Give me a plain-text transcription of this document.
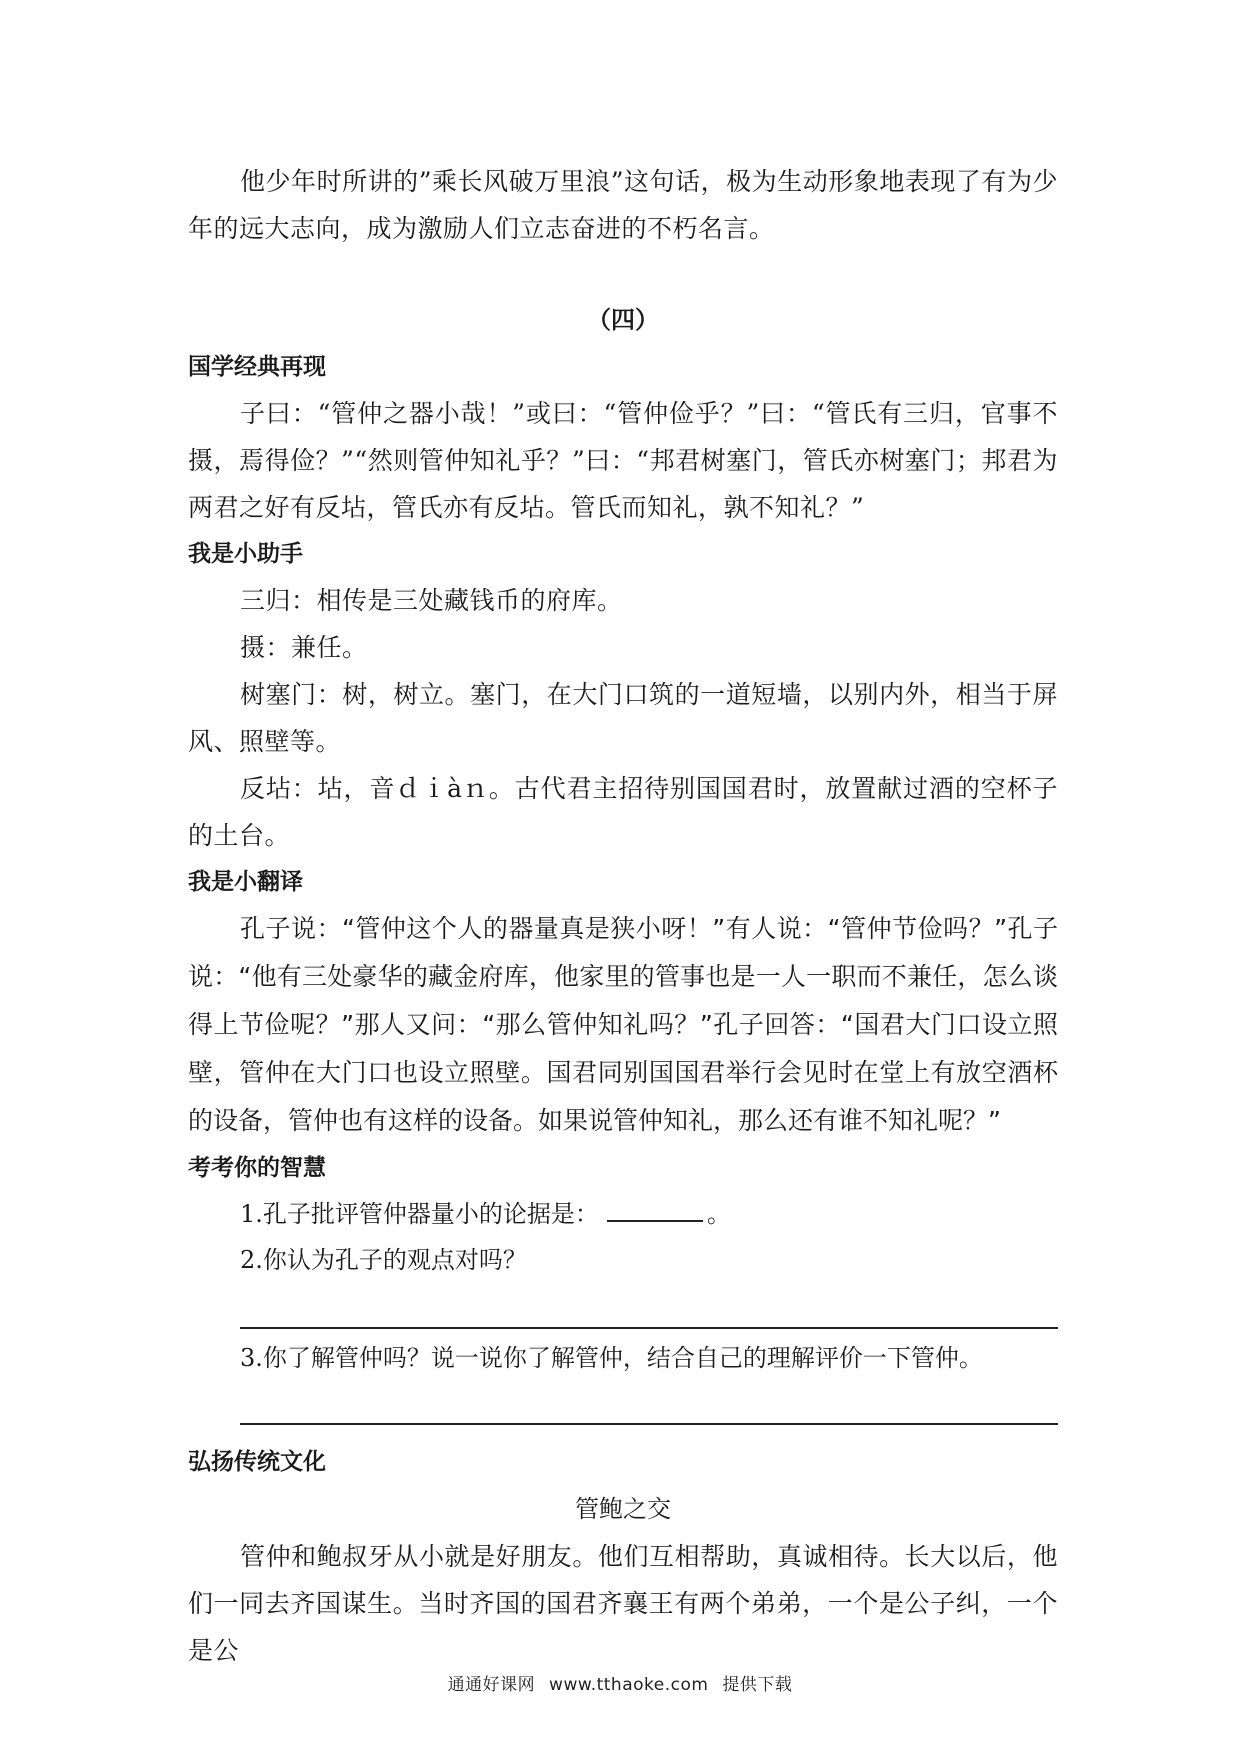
他少年时所讲的”乘长风破万里浪”这句话，极为生动形象地表现了有为少年的远大志向，成为激励人们立志奋进的不朽名言。

（四）
国学经典再现

子曰：“管仲之器小哉！”或曰：“管仲俭乎？”曰：“管氏有三归，官事不摄，焉得俭？”“然则管仲知礼乎？”曰：“邦君树塞门，管氏亦树塞门；邦君为两君之好有反坫，管氏亦有反坫。管氏而知礼，孰不知礼？”

我是小助手

三归：相传是三处藏钱币的府库。

摄：兼任。

树塞门：树，树立。塞门，在大门口筑的一道短墙，以别内外，相当于屏风、照壁等。

反坫：坫，音ｄｉàｎ。古代君主招待别国国君时，放置献过酒的空杯子的土台。

我是小翻译

孔子说：“管仲这个人的器量真是狭小呀！”有人说：“管仲节俭吗？”孔子说：“他有三处豪华的藏金府库，他家里的管事也是一人一职而不兼任，怎么谈得上节俭呢？”那人又问：“那么管仲知礼吗？”孔子回答：“国君大门口设立照壁，管仲在大门口也设立照壁。国君同别国国君举行会见时在堂上有放空酒杯的设备，管仲也有这样的设备。如果说管仲知礼，那么还有谁不知礼呢？”

考考你的智慧

1.孔子批评管仲器量小的论据是：	。

2.你认为孔子的观点对吗？

3.你了解管仲吗？说一说你了解管仲，结合自己的理解评价一下管仲。

弘扬传统文化

管鲍之交

管仲和鲍叔牙从小就是好朋友。他们互相帮助，真诚相待。长大以后，他们一同去齐国谋生。当时齐国的国君齐襄王有两个弟弟，一个是公子纠，一个是公

通通好课网 www.tthaoke.com 提供下载
